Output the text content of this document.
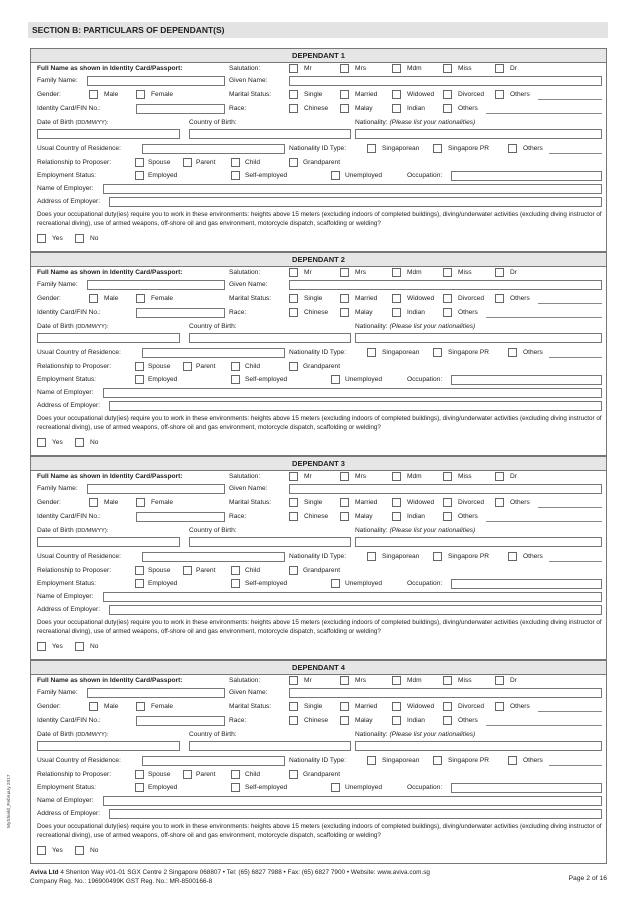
SECTION B: PARTICULARS OF DEPENDANT(S)
DEPENDANT 1
Full Name as shown in Identity Card/Passport:	Salutation:	Mr	Mrs	Mdm	Miss	Dr
Family Name:	Given Name:
Gender:	Male	Female	Marital Status:	Single	Married	Widowed	Divorced	Others
Identity Card/FIN No.:	Race:	Chinese	Malay	Indian	Others
Date of Birth (DD/MM/YY):	Country of Birth:	Nationality: (Please list your nationalities)
Usual Country of Residence:	Nationality ID Type:	Singaporean	Singapore PR	Others
Relationship to Proposer:	Spouse	Parent	Child	Grandparent
Employment Status:	Employed	Self-employed	Unemployed	Occupation:
Name of Employer:
Address of Employer:
Does your occupational duty(ies) require you to work in these environments: heights above 15 meters (excluding indoors of completed buildings), diving/underwater activities (excluding diving instructor of recreational diving), use of armed weapons, off-shore oil and gas environment, motorcycle dispatch, scaffolding or welding?
Yes	No
DEPENDANT 2
Full Name as shown in Identity Card/Passport:	Salutation:	Mr	Mrs	Mdm	Miss	Dr
Family Name:	Given Name:
Gender:	Male	Female	Marital Status:	Single	Married	Widowed	Divorced	Others
Identity Card/FIN No.:	Race:	Chinese	Malay	Indian	Others
Date of Birth (DD/MM/YY):	Country of Birth:	Nationality: (Please list your nationalities)
Usual Country of Residence:	Nationality ID Type:	Singaporean	Singapore PR	Others
Relationship to Proposer:	Spouse	Parent	Child	Grandparent
Employment Status:	Employed	Self-employed	Unemployed	Occupation:
Name of Employer:
Address of Employer:
Does your occupational duty(ies) require you to work in these environments: heights above 15 meters (excluding indoors of completed buildings), diving/underwater activities (excluding diving instructor of recreational diving), use of armed weapons, off-shore oil and gas environment, motorcycle dispatch, scaffolding or welding?
Yes	No
DEPENDANT 3
Full Name as shown in Identity Card/Passport:	Salutation:	Mr	Mrs	Mdm	Miss	Dr
Family Name:	Given Name:
Gender:	Male	Female	Marital Status:	Single	Married	Widowed	Divorced	Others
Identity Card/FIN No.:	Race:	Chinese	Malay	Indian	Others
Date of Birth (DD/MM/YY):	Country of Birth:	Nationality: (Please list your nationalities)
Usual Country of Residence:	Nationality ID Type:	Singaporean	Singapore PR	Others
Relationship to Proposer:	Spouse	Parent	Child	Grandparent
Employment Status:	Employed	Self-employed	Unemployed	Occupation:
Name of Employer:
Address of Employer:
Does your occupational duty(ies) require you to work in these environments: heights above 15 meters (excluding indoors of completed buildings), diving/underwater activities (excluding diving instructor of recreational diving), use of armed weapons, off-shore oil and gas environment, motorcycle dispatch, scaffolding or welding?
Yes	No
DEPENDANT 4
Full Name as shown in Identity Card/Passport:	Salutation:	Mr	Mrs	Mdm	Miss	Dr
Family Name:	Given Name:
Gender:	Male	Female	Marital Status:	Single	Married	Widowed	Divorced	Others
Identity Card/FIN No.:	Race:	Chinese	Malay	Indian	Others
Date of Birth (DD/MM/YY):	Country of Birth:	Nationality: (Please list your nationalities)
Usual Country of Residence:	Nationality ID Type:	Singaporean	Singapore PR	Others
Relationship to Proposer:	Spouse	Parent	Child	Grandparent
Employment Status:	Employed	Self-employed	Unemployed	Occupation:
Name of Employer:
Address of Employer:
Does your occupational duty(ies) require you to work in these environments: heights above 15 meters (excluding indoors of completed buildings), diving/underwater activities (excluding diving instructor of recreational diving), use of armed weapons, off-shore oil and gas environment, motorcycle dispatch, scaffolding or welding?
Yes	No
MyShield_February 2017
Aviva Ltd 4 Shenton Way #01-01 SGX Centre 2 Singapore 068807 • Tel: (65) 6827 7988 • Fax: (65) 6827 7900 • Website: www.aviva.com.sg
Company Reg. No.: 196900499K GST Reg. No.: MR-8500166-8	Page 2 of 16
